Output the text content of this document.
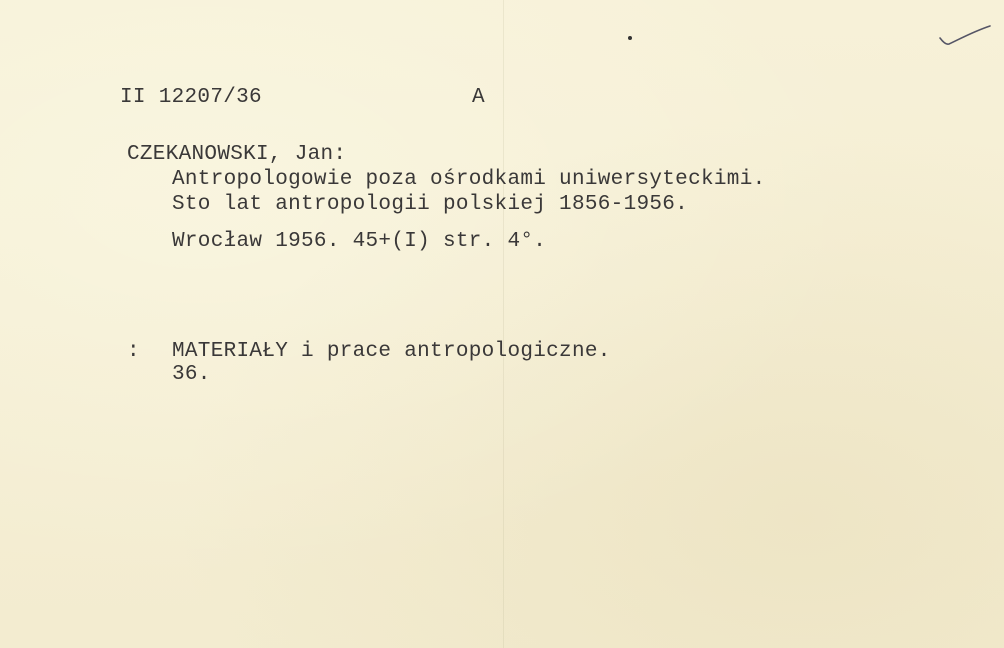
II 12207/36	A
CZEKANOWSKI, Jan:
Antropologowie poza ośrodkami uniwersyteckimi.
Sto lat antropologii polskiej 1856-1956.
Wrocław 1956. 45+(I) str. 4°.
: MATERIAŁY i prace antropologiczne.
36.
